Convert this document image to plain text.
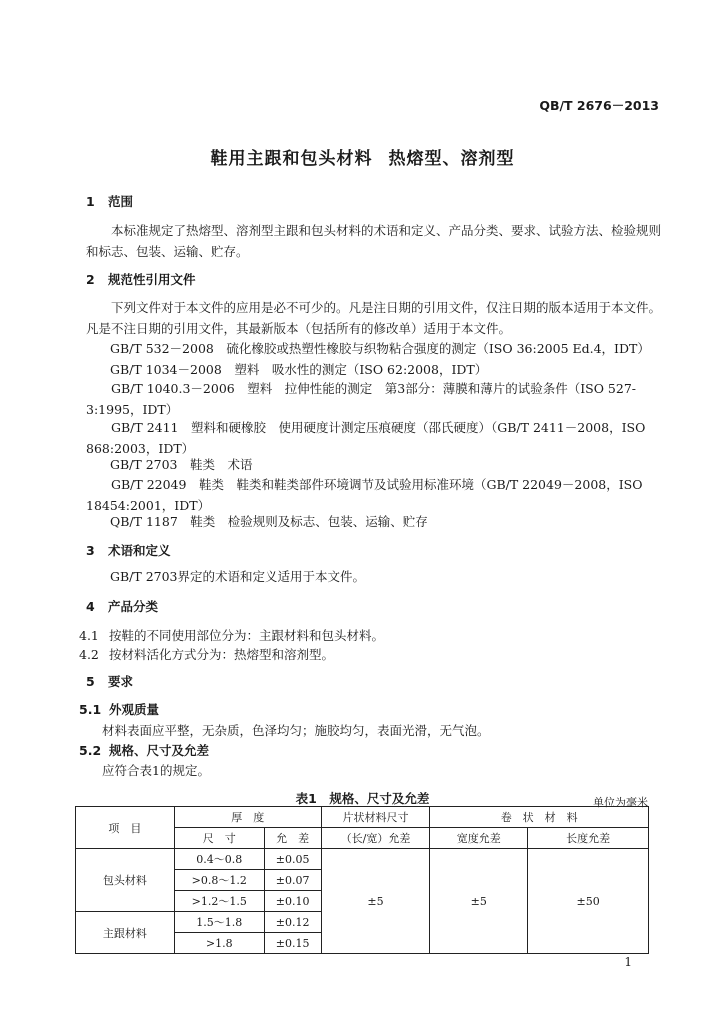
QB/T 2676－2013
鞋用主跟和包头材料 热熔型、溶剂型
1 范围
本标准规定了热熔型、溶剂型主跟和包头材料的术语和定义、产品分类、要求、试验方法、检验规则和标志、包装、运输、贮存。
2 规范性引用文件
下列文件对于本文件的应用是必不可少的。凡是注日期的引用文件，仅注日期的版本适用于本文件。凡是不注日期的引用文件，其最新版本（包括所有的修改单）适用于本文件。
GB/T 532－2008　硫化橡胶或热塑性橡胶与织物粘合强度的测定（ISO 36:2005 Ed.4，IDT）
GB/T 1034－2008　塑料　吸水性的测定（ISO 62:2008，IDT）
GB/T 1040.3－2006　塑料　拉伸性能的测定　第3部分：薄膜和薄片的试验条件（ISO 527-3:1995，IDT）
GB/T 2411　塑料和硬橡胶　使用硬度计测定压痕硬度（邵氏硬度）（GB/T 2411－2008，ISO 868:2003，IDT）
GB/T 2703　鞋类　术语
GB/T 22049　鞋类　鞋类和鞋类部件环境调节及试验用标准环境（GB/T 22049－2008，ISO 18454:2001，IDT）
QB/T 1187　鞋类　检验规则及标志、包装、运输、贮存
3 术语和定义
GB/T 2703界定的术语和定义适用于本文件。
4 产品分类
4.1 按鞋的不同使用部位分为：主跟材料和包头材料。
4.2 按材料活化方式分为：热熔型和溶剂型。
5 要求
5.1 外观质量
材料表面应平整，无杂质，色泽均匀；施胶均匀，表面光滑，无气泡。
5.2 规格、尺寸及允差
应符合表1的规定。
表1　规格、尺寸及允差	单位为毫米
项　目	厚　度		片状材料尺寸	卷　状　材　料	
	尺　寸	允　差	（长/宽）允差	宽度允差	长度允差
包头材料	0.4～0.8	±0.05	±5	±5	±50
	>0.8～1.2	±0.07			
	>1.2～1.5	±0.10			
主跟材料	1.5～1.8	±0.12			
	>1.8	±0.15			
1
